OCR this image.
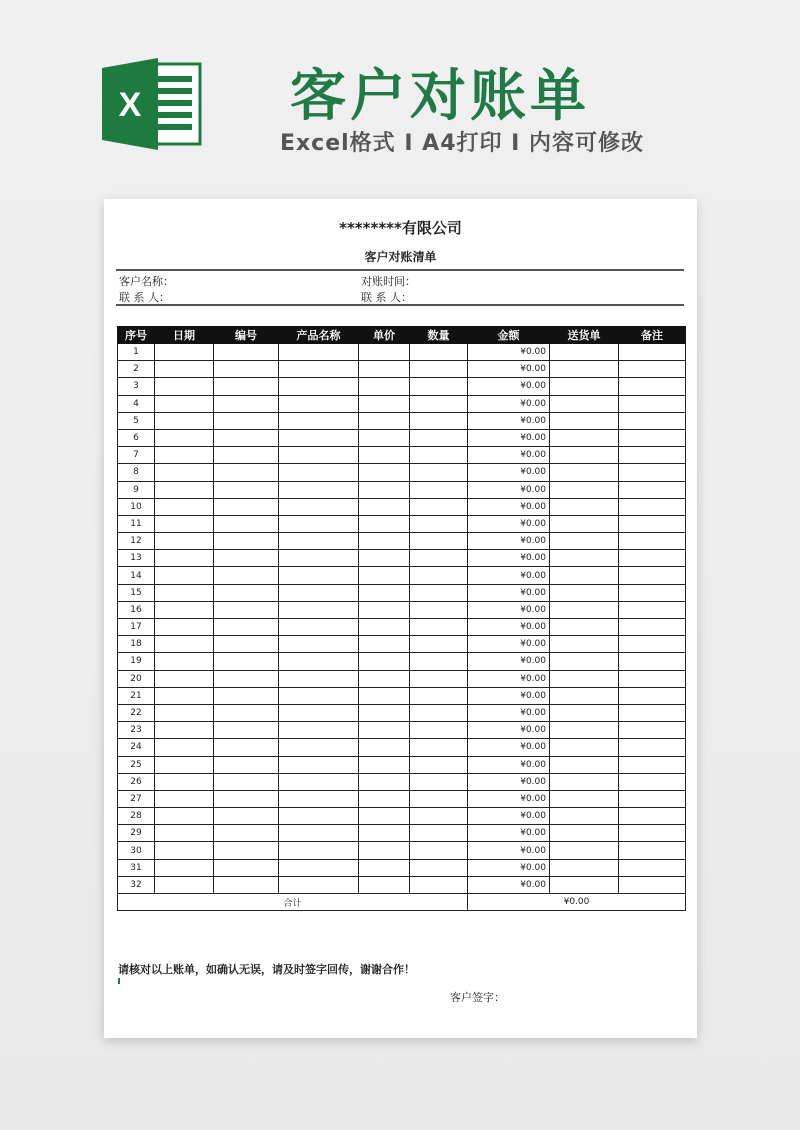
X	客户对账单
Excel格式 I A4打印 I 内容可修改
********有限公司
客户对账清单
客户名称：	对账时间：
联 系 人：	联 系 人：
序号	日期	编号	产品名称	单价	数量	金额	送货单	备注
1						¥0.00		
2						¥0.00		
3						¥0.00		
4						¥0.00		
5						¥0.00		
6						¥0.00		
7						¥0.00		
8						¥0.00		
9						¥0.00		
10						¥0.00		
11						¥0.00		
12						¥0.00		
13						¥0.00		
14						¥0.00		
15						¥0.00		
16						¥0.00		
17						¥0.00		
18						¥0.00		
19						¥0.00		
20						¥0.00		
21						¥0.00		
22						¥0.00		
23						¥0.00		
24						¥0.00		
25						¥0.00		
26						¥0.00		
27						¥0.00		
28						¥0.00		
29						¥0.00		
30						¥0.00		
31						¥0.00		
32						¥0.00		
合计						¥0.00		
请核对以上账单，如确认无误，请及时签字回传，谢谢合作！
客户签字：
